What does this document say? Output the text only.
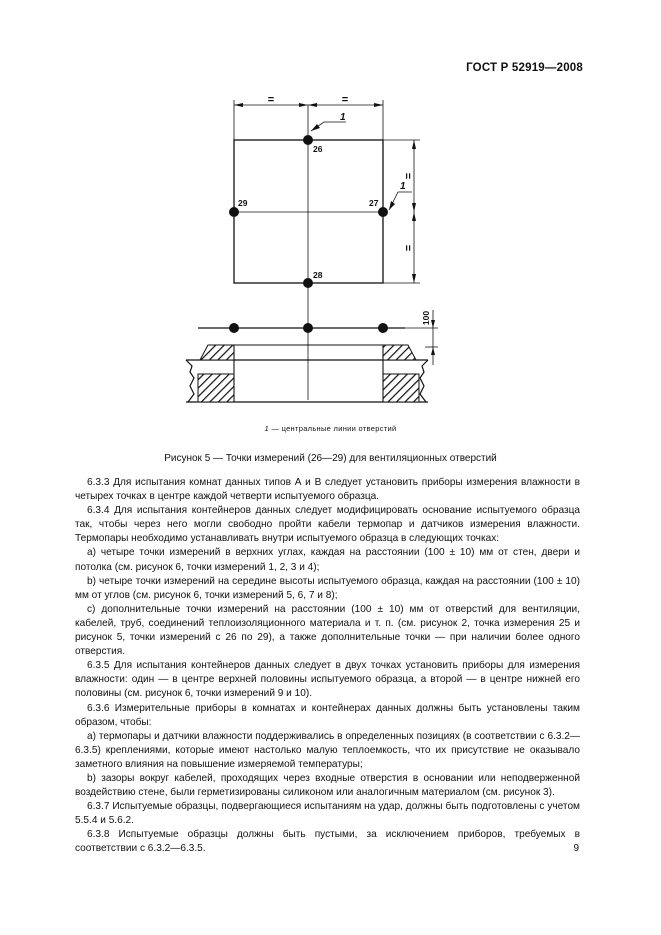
ГОСТ Р 52919—2008
=	=
=
=
1
1
100
26
29	27
28
1 — центральные линии отверстий
Рисунок 5 — Точки измерений (26—29) для вентиляционных отверстий

6.3.3 Для испытания комнат данных типов А и В следует установить приборы измерения влажности в четырех точках в центре каждой четверти испытуемого образца.

6.3.4 Для испытания контейнеров данных следует модифицировать основание испытуемого образца так, чтобы через него могли свободно пройти кабели термопар и датчиков измерения влажности. Термопары необходимо устанавливать внутри испытуемого образца в следующих точках:

а) четыре точки измерений в верхних углах, каждая на расстоянии (100 ± 10) мм от стен, двери и потолка (см. рисунок 6, точки измерений 1, 2, 3 и 4);

b) четыре точки измерений на середине высоты испытуемого образца, каждая на расстоянии (100 ± 10) мм от углов (см. рисунок 6, точки измерений 5, 6, 7 и 8);

c) дополнительные точки измерений на расстоянии (100 ± 10) мм от отверстий для вентиляции, кабелей, труб, соединений теплоизоляционного материала и т. п. (см. рисунок 2, точка измерения 25 и рисунок 5, точки измерений с 26 по 29), а также дополнительные точки — при наличии более одного отверстия.

6.3.5 Для испытания контейнеров данных следует в двух точках установить приборы для измерения влажности: один — в центре верхней половины испытуемого образца, а второй — в центре нижней его половины (см. рисунок 6, точки измерений 9 и 10).

6.3.6 Измерительные приборы в комнатах и контейнерах данных должны быть установлены таким образом, чтобы:

а) термопары и датчики влажности поддерживались в определенных позициях (в соответствии с 6.3.2—6.3.5) креплениями, которые имеют настолько малую теплоемкость, что их присутствие не оказывало заметного влияния на повышение измеряемой температуры;

b) зазоры вокруг кабелей, проходящих через входные отверстия в основании или неподверженной воздействию стене, были герметизированы силиконом или аналогичным материалом (см. рисунок 3).

6.3.7 Испытуемые образцы, подвергающиеся испытаниям на удар, должны быть подготовлены с учетом 5.5.4 и 5.6.2.

6.3.8 Испытуемые образцы должны быть пустыми, за исключением приборов, требуемых в соответствии с 6.3.2—6.3.5.	9
